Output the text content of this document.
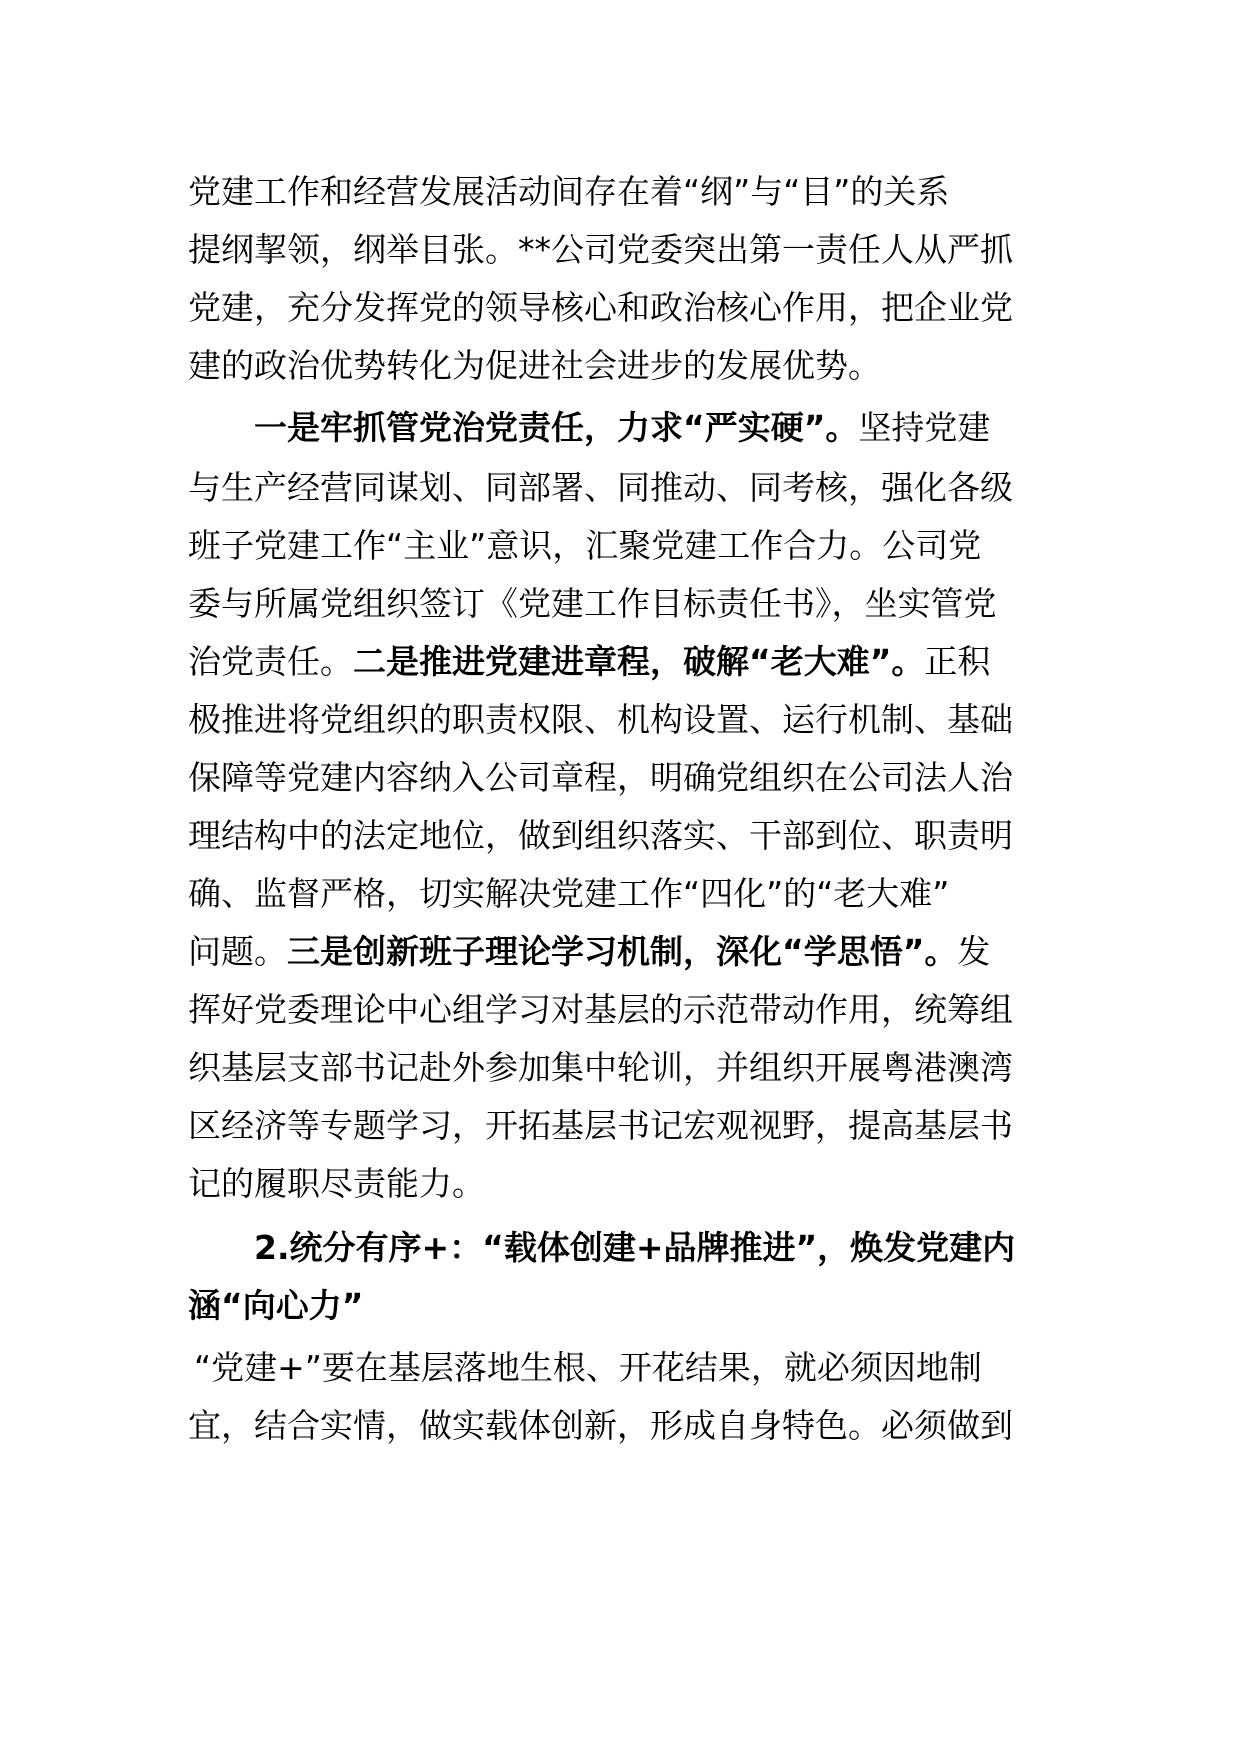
党建工作和经营发展活动间存在着“纲”与“目”的关系
提纲挈领，纲举目张。**公司党委突出第一责任人从严抓
党建，充分发挥党的领导核心和政治核心作用，把企业党
建的政治优势转化为促进社会进步的发展优势。
一是牢抓管党治党责任，力求“严实硬”。坚持党建
与生产经营同谋划、同部署、同推动、同考核，强化各级
班子党建工作“主业”意识，汇聚党建工作合力。公司党
委与所属党组织签订《党建工作目标责任书》，坐实管党
治党责任。二是推进党建进章程，破解“老大难”。正积
极推进将党组织的职责权限、机构设置、运行机制、基础
保障等党建内容纳入公司章程，明确党组织在公司法人治
理结构中的法定地位，做到组织落实、干部到位、职责明
确、监督严格，切实解决党建工作“四化”的“老大难”
问题。三是创新班子理论学习机制，深化“学思悟”。发
挥好党委理论中心组学习对基层的示范带动作用，统筹组
织基层支部书记赴外参加集中轮训，并组织开展粤港澳湾
区经济等专题学习，开拓基层书记宏观视野，提高基层书
记的履职尽责能力。
2.统分有序+：“载体创建+品牌推进”，焕发党建内
涵“向心力”
“党建+”要在基层落地生根、开花结果，就必须因地制
宜，结合实情，做实载体创新，形成自身特色。必须做到
